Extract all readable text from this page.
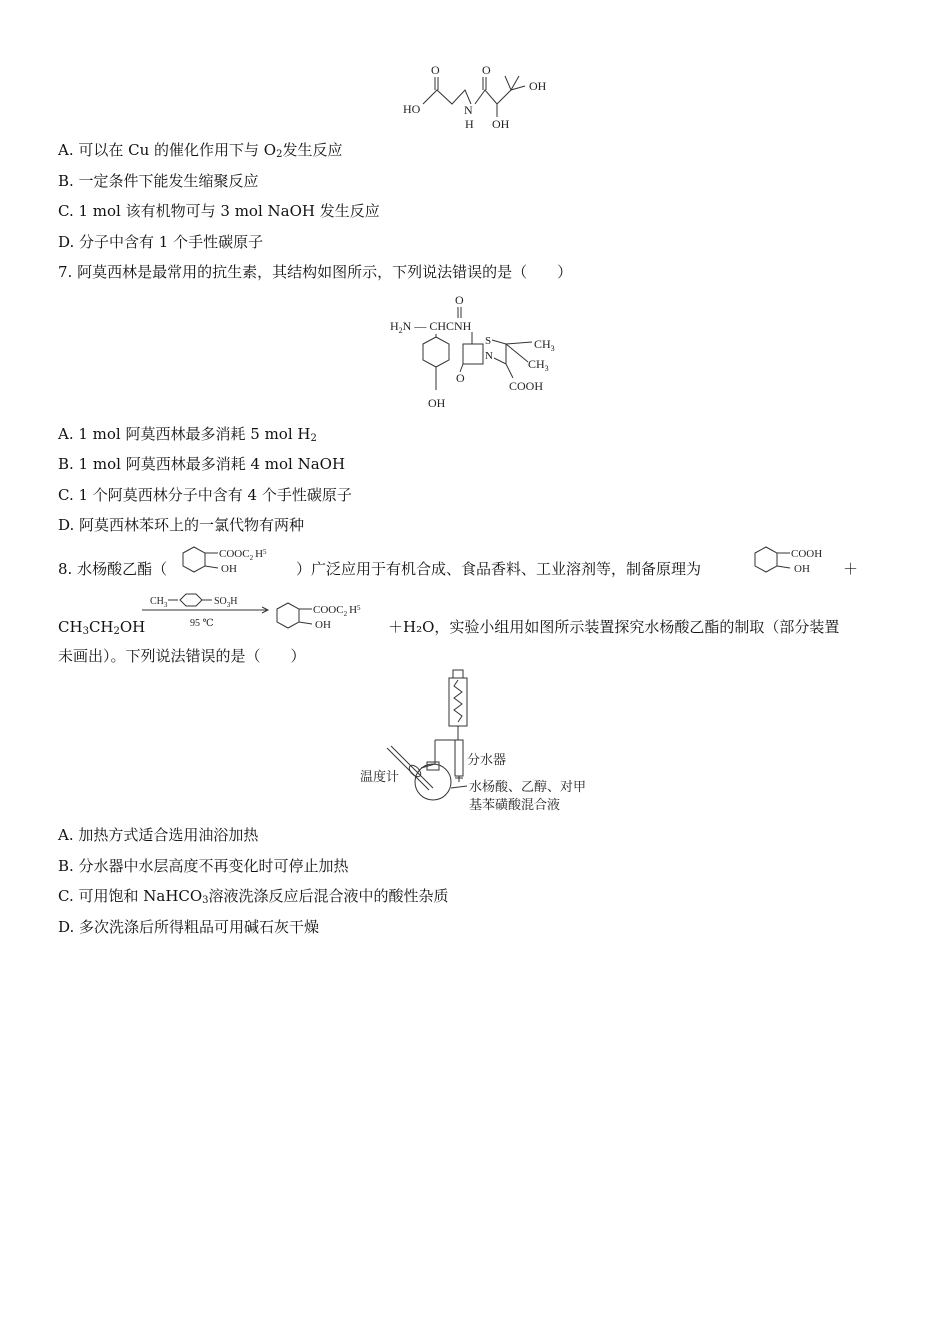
O	O
HO	N
H OH
OH
A. 可以在 Cu 的催化作用下与 $O_2$发生反应
B. 一定条件下能发生缩聚反应
C. 1 mol 该有机物可与 3 mol NaOH 发生反应
D. 分子中含有 1 个手性碳原子
7. 阿莫西林是最常用的抗生素，其结构如图所示，下列说法错误的是（　　）
O
$H_2N$ — CHCNH
OH
S
N
O
$CH_3$
$CH_3$
COOH
A. 1 mol 阿莫西林最多消耗 5 mol $H_2$
B. 1 mol 阿莫西林最多消耗 4 mol NaOH
C. 1 个阿莫西林分子中含有 4 个手性碳原子
D. 阿莫西林苯环上的一氯代物有两种
8. 水杨酸乙酯（
$COOC_2$ $H^5$
OH	）广泛应用于有机合成、食品香料、工业溶剂等，制备原理为
COOH
OH ＋
$CH_3CH_2OH$
$CH_3$	$SO_3H$
95 ℃
$COOC_2$ $H^5$
OH	＋H₂O，实验小组用如图所示装置探究水杨酸乙酯的制取（部分装置
未画出）。下列说法错误的是（　　）
分水器
温度计
水杨酸、乙醇、对甲
基苯磺酸混合液
A. 加热方式适合选用油浴加热
B. 分水器中水层高度不再变化时可停止加热
C. 可用饱和 NaHCO$_3$溶液洗涤反应后混合液中的酸性杂质
D. 多次洗涤后所得粗品可用碱石灰干燥
